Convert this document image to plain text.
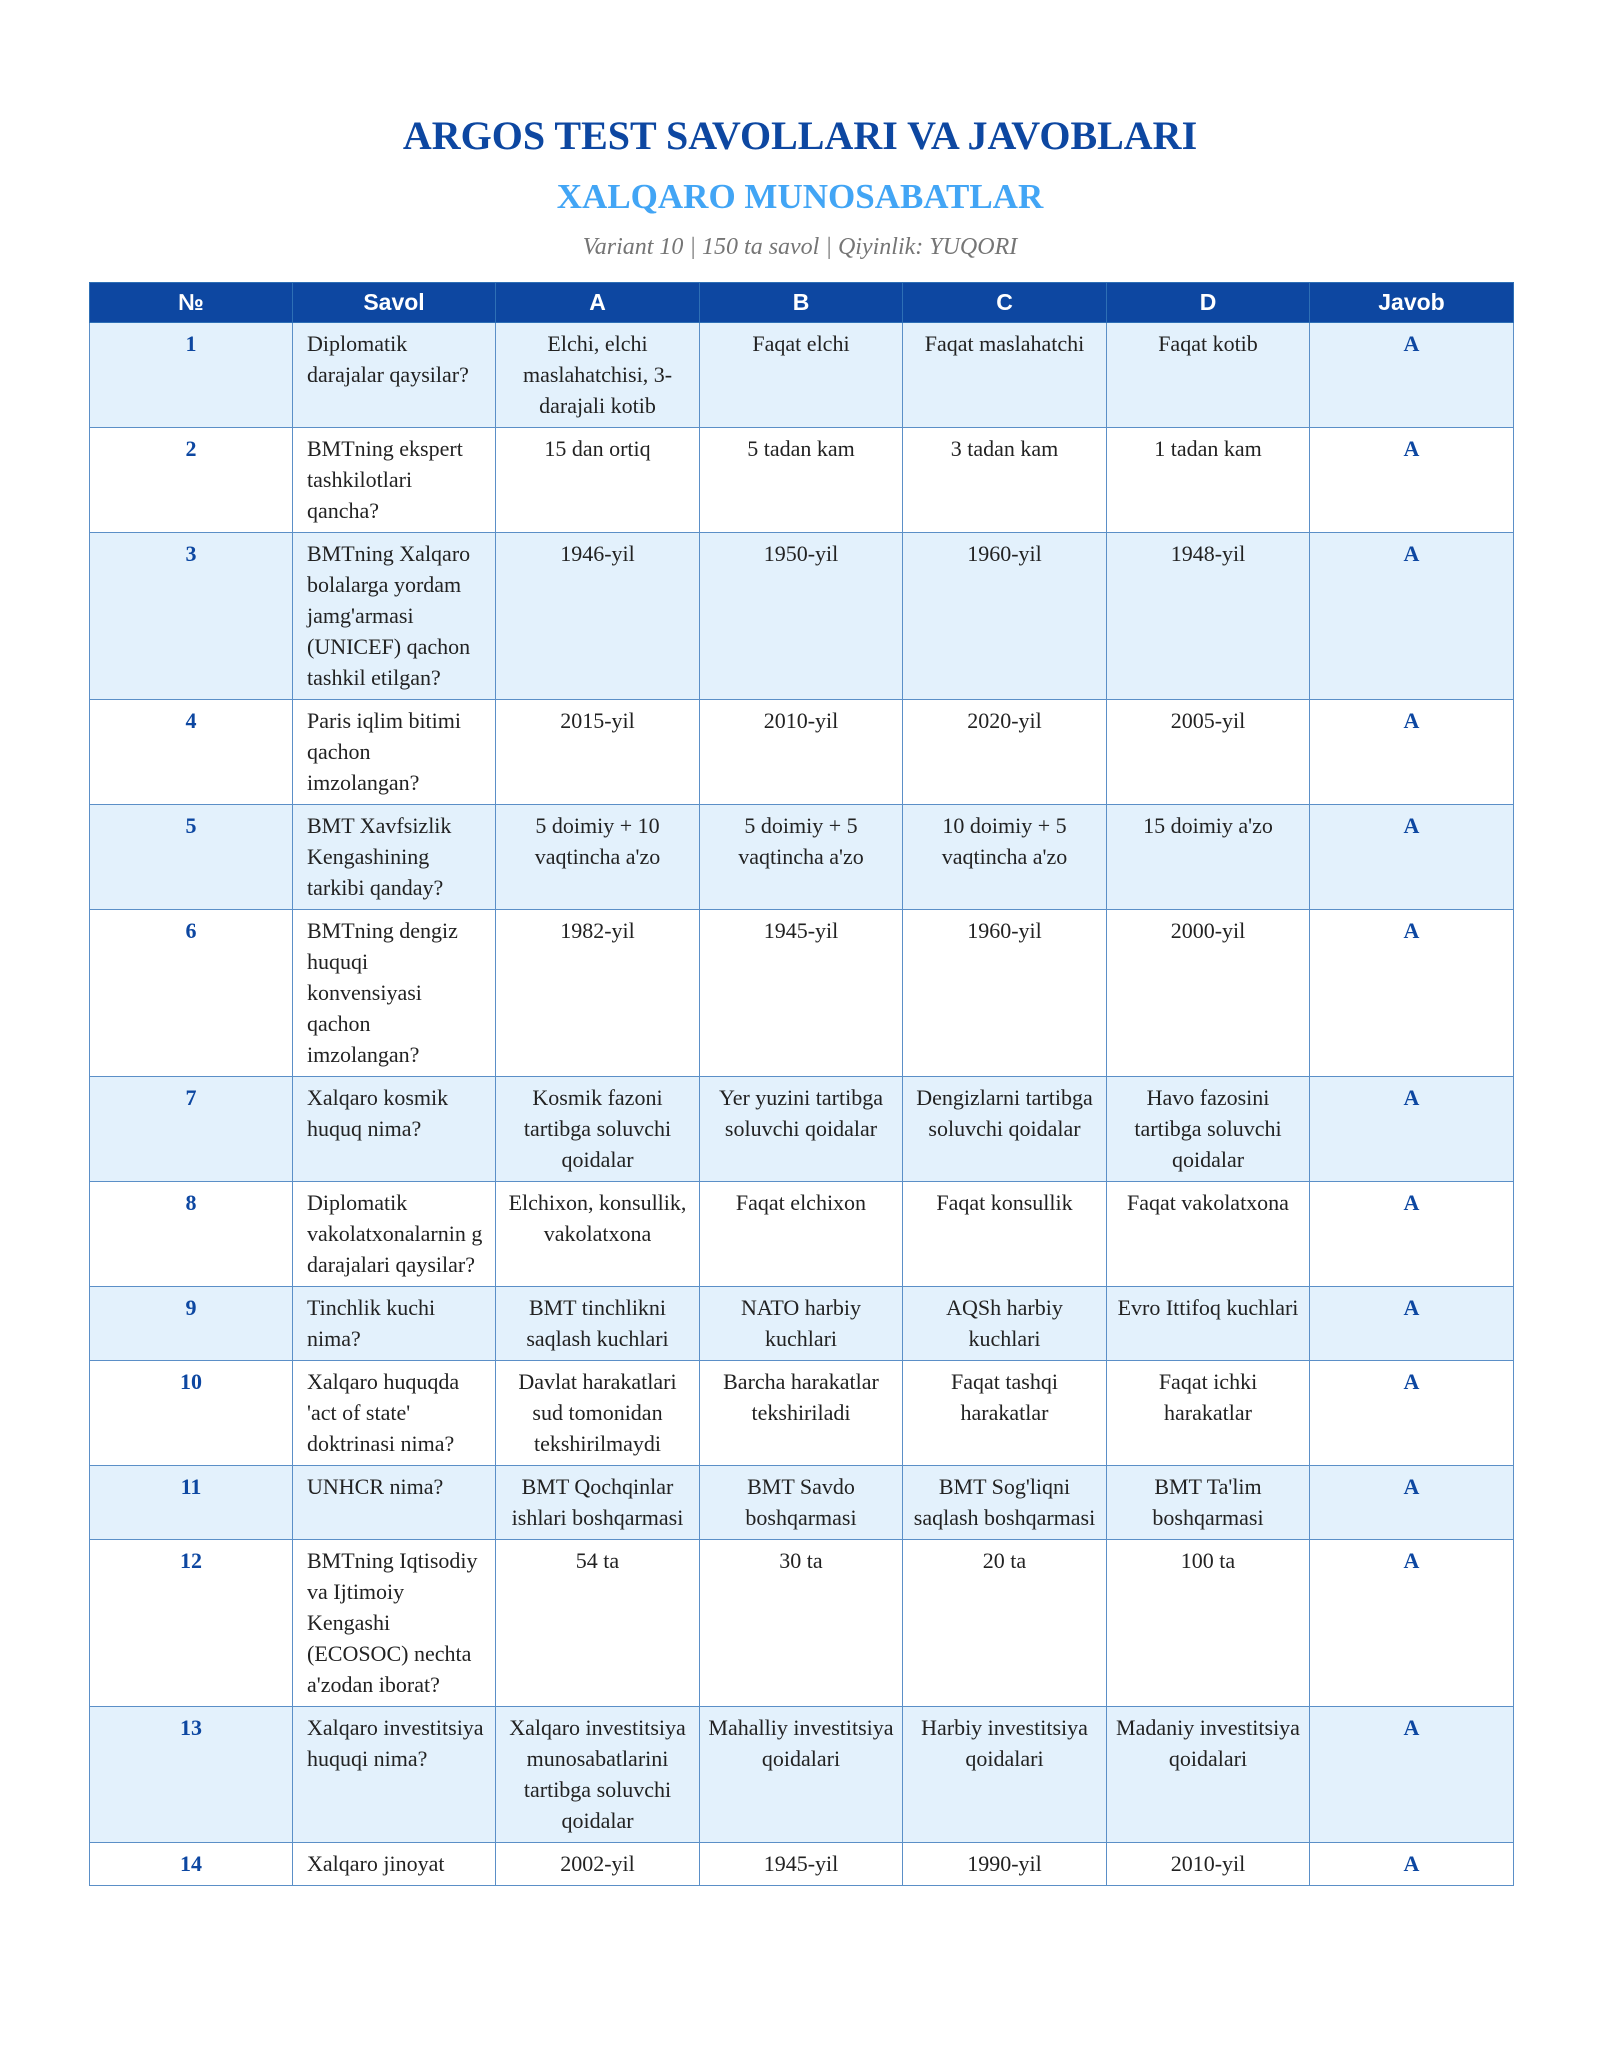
ARGOS TEST SAVOLLARI VA JAVOBLARI
XALQARO MUNOSABATLAR
Variant 10 | 150 ta savol | Qiyinlik: YUQORI
№	Savol	A	B	C	D	Javob
1	Diplomatik darajalar qaysilar?	Elchi, elchi maslahatchisi, 3-darajali kotib	Faqat elchi	Faqat maslahatchi	Faqat kotib	A
2	BMTning ekspert tashkilotlari qancha?	15 dan ortiq	5 tadan kam	3 tadan kam	1 tadan kam	A
3	BMTning Xalqaro bolalarga yordam jamg'armasi (UNICEF) qachon tashkil etilgan?	1946-yil	1950-yil	1960-yil	1948-yil	A
4	Paris iqlim bitimi qachon imzolangan?	2015-yil	2010-yil	2020-yil	2005-yil	A
5	BMT Xavfsizlik Kengashining tarkibi qanday?	5 doimiy + 10 vaqtincha a'zo	5 doimiy + 5 vaqtincha a'zo	10 doimiy + 5 vaqtincha a'zo	15 doimiy a'zo	A
6	BMTning dengiz huquqi konvensiyasi qachon imzolangan?	1982-yil	1945-yil	1960-yil	2000-yil	A
7	Xalqaro kosmik huquq nima?	Kosmik fazoni tartibga soluvchi qoidalar	Yer yuzini tartibga soluvchi qoidalar	Dengizlarni tartibga soluvchi qoidalar	Havo fazosini tartibga soluvchi qoidalar	A
8	Diplomatik vakolatxonalarnin g darajalari qaysilar?	Elchixon, konsullik, vakolatxona	Faqat elchixon	Faqat konsullik	Faqat vakolatxona	A
9	Tinchlik kuchi nima?	BMT tinchlikni saqlash kuchlari	NATO harbiy kuchlari	AQSh harbiy kuchlari	Evro Ittifoq kuchlari	A
10	Xalqaro huquqda 'act of state' doktrinasi nima?	Davlat harakatlari sud tomonidan tekshirilmaydi	Barcha harakatlar tekshiriladi	Faqat tashqi harakatlar	Faqat ichki harakatlar	A
11	UNHCR nima?	BMT Qochqinlar ishlari boshqarmasi	BMT Savdo boshqarmasi	BMT Sog'liqni saqlash boshqarmasi	BMT Ta'lim boshqarmasi	A
12	BMTning Iqtisodiy va Ijtimoiy Kengashi (ECOSOC) nechta a'zodan iborat?	54 ta	30 ta	20 ta	100 ta	A
13	Xalqaro investitsiya huquqi nima?	Xalqaro investitsiya munosabatlarini tartibga soluvchi qoidalar	Mahalliy investitsiya qoidalari	Harbiy investitsiya qoidalari	Madaniy investitsiya qoidalari	A
14	Xalqaro jinoyat	2002-yil	1945-yil	1990-yil	2010-yil	A
